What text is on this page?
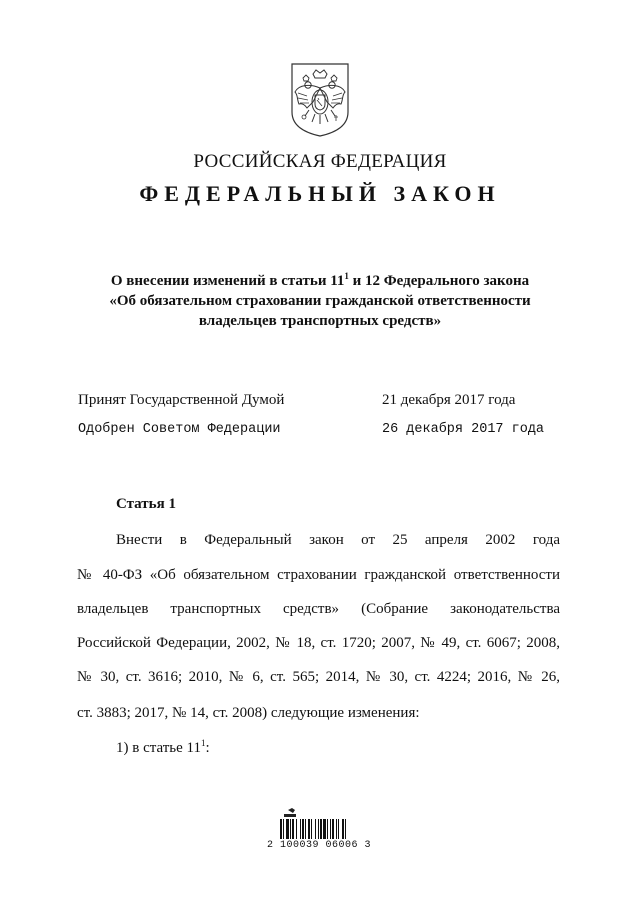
РОССИЙСКАЯ ФЕДЕРАЦИЯ
ФЕДЕРАЛЬНЫЙ ЗАКОН
О внесении изменений в статьи $11^1$ и 12 Федерального закона
«Об обязательном страховании гражданской ответственности
владельцев транспортных средств»
Принят Государственной Думой	21 декабря 2017 года
Одобрен Советом Федерации	26 декабря 2017 года
Статья 1
Внести в Федеральный закон от 25 апреля 2002 года
№ 40-ФЗ «Об обязательном страховании гражданской ответственности
владельцев транспортных средств» (Собрание законодательства
Российской Федерации, 2002, № 18, ст. 1720; 2007, № 49, ст. 6067; 2008,
№ 30, ст. 3616; 2010, № 6, ст. 565; 2014, № 30, ст. 4224; 2016, № 26,
ст. 3883; 2017, № 14, ст. 2008) следующие изменения:
1) в статье $11^1$:
2 100039 06006 3
